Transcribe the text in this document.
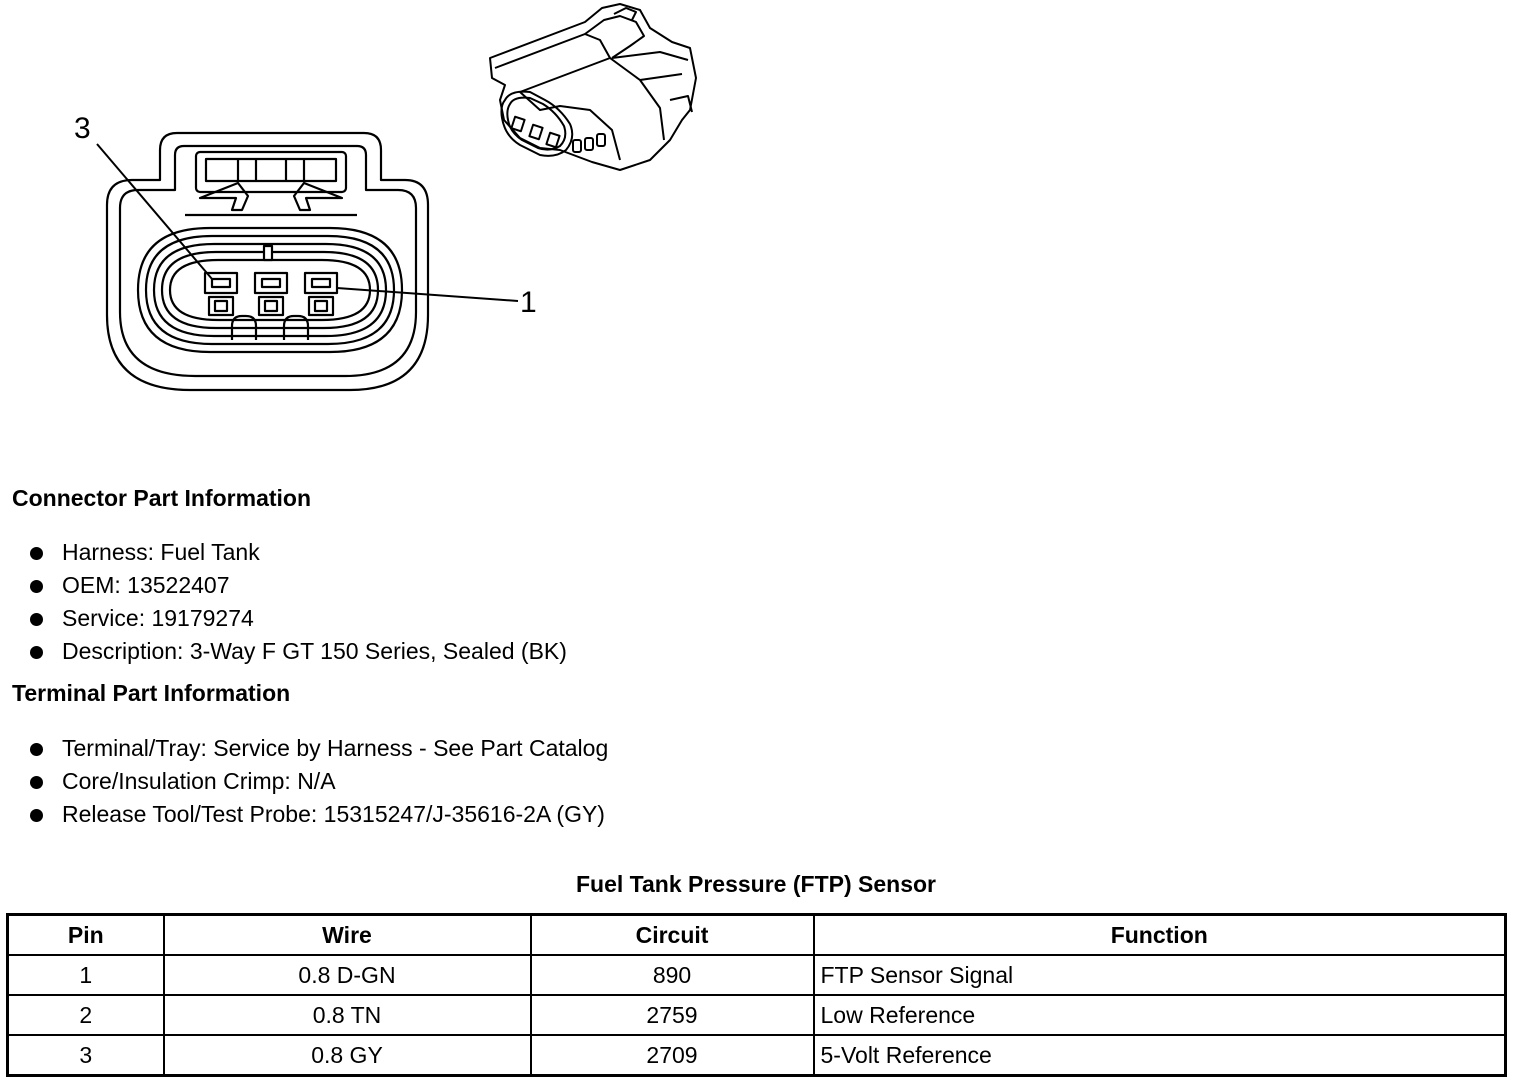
3
1
Connector Part Information
Harness: Fuel Tank
OEM: 13522407
Service: 19179274
Description: 3-Way F GT 150 Series, Sealed (BK)
Terminal Part Information
Terminal/Tray: Service by Harness - See Part Catalog
Core/Insulation Crimp: N/A
Release Tool/Test Probe: 15315247/J-35616-2A (GY)
Fuel Tank Pressure (FTP) Sensor
Pin	Wire	Circuit	Function
1	0.8 D-GN	890	FTP Sensor Signal
2	0.8 TN	2759	Low Reference
3	0.8 GY	2709	5-Volt Reference
